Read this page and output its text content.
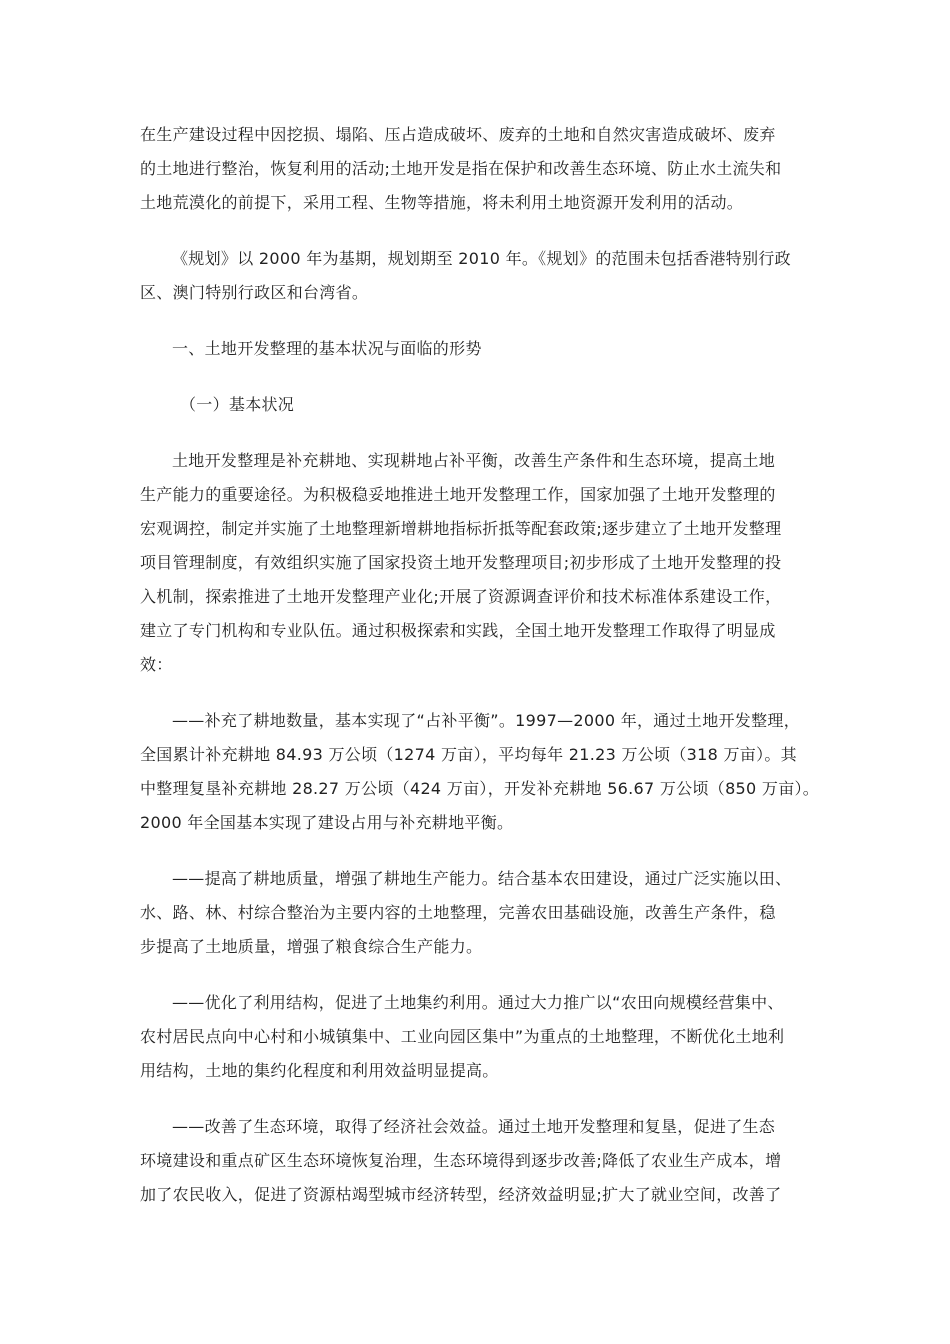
在生产建设过程中因挖损、塌陷、压占造成破坏、废弃的土地和自然灾害造成破坏、废弃
的土地进行整治，恢复利用的活动;土地开发是指在保护和改善生态环境、防止水土流失和
土地荒漠化的前提下，采用工程、生物等措施，将未利用土地资源开发利用的活动。
《规划》以 2000 年为基期，规划期至 2010 年。《规划》的范围未包括香港特别行政
区、澳门特别行政区和台湾省。
一、土地开发整理的基本状况与面临的形势
（一）基本状况
土地开发整理是补充耕地、实现耕地占补平衡，改善生产条件和生态环境，提高土地
生产能力的重要途径。为积极稳妥地推进土地开发整理工作，国家加强了土地开发整理的
宏观调控，制定并实施了土地整理新增耕地指标折抵等配套政策;逐步建立了土地开发整理
项目管理制度，有效组织实施了国家投资土地开发整理项目;初步形成了土地开发整理的投
入机制，探索推进了土地开发整理产业化;开展了资源调查评价和技术标准体系建设工作，
建立了专门机构和专业队伍。通过积极探索和实践，全国土地开发整理工作取得了明显成
效：
——补充了耕地数量，基本实现了“占补平衡”。1997—2000 年，通过土地开发整理，
全国累计补充耕地 84.93 万公顷（1274 万亩），平均每年 21.23 万公顷（318 万亩）。其
中整理复垦补充耕地 28.27 万公顷（424 万亩），开发补充耕地 56.67 万公顷（850 万亩）。
2000 年全国基本实现了建设占用与补充耕地平衡。
——提高了耕地质量，增强了耕地生产能力。结合基本农田建设，通过广泛实施以田、
水、路、林、村综合整治为主要内容的土地整理，完善农田基础设施，改善生产条件，稳
步提高了土地质量，增强了粮食综合生产能力。
——优化了利用结构，促进了土地集约利用。通过大力推广以“农田向规模经营集中、
农村居民点向中心村和小城镇集中、工业向园区集中”为重点的土地整理，不断优化土地利
用结构，土地的集约化程度和利用效益明显提高。
——改善了生态环境，取得了经济社会效益。通过土地开发整理和复垦，促进了生态
环境建设和重点矿区生态环境恢复治理，生态环境得到逐步改善;降低了农业生产成本，增
加了农民收入，促进了资源枯竭型城市经济转型，经济效益明显;扩大了就业空间，改善了
